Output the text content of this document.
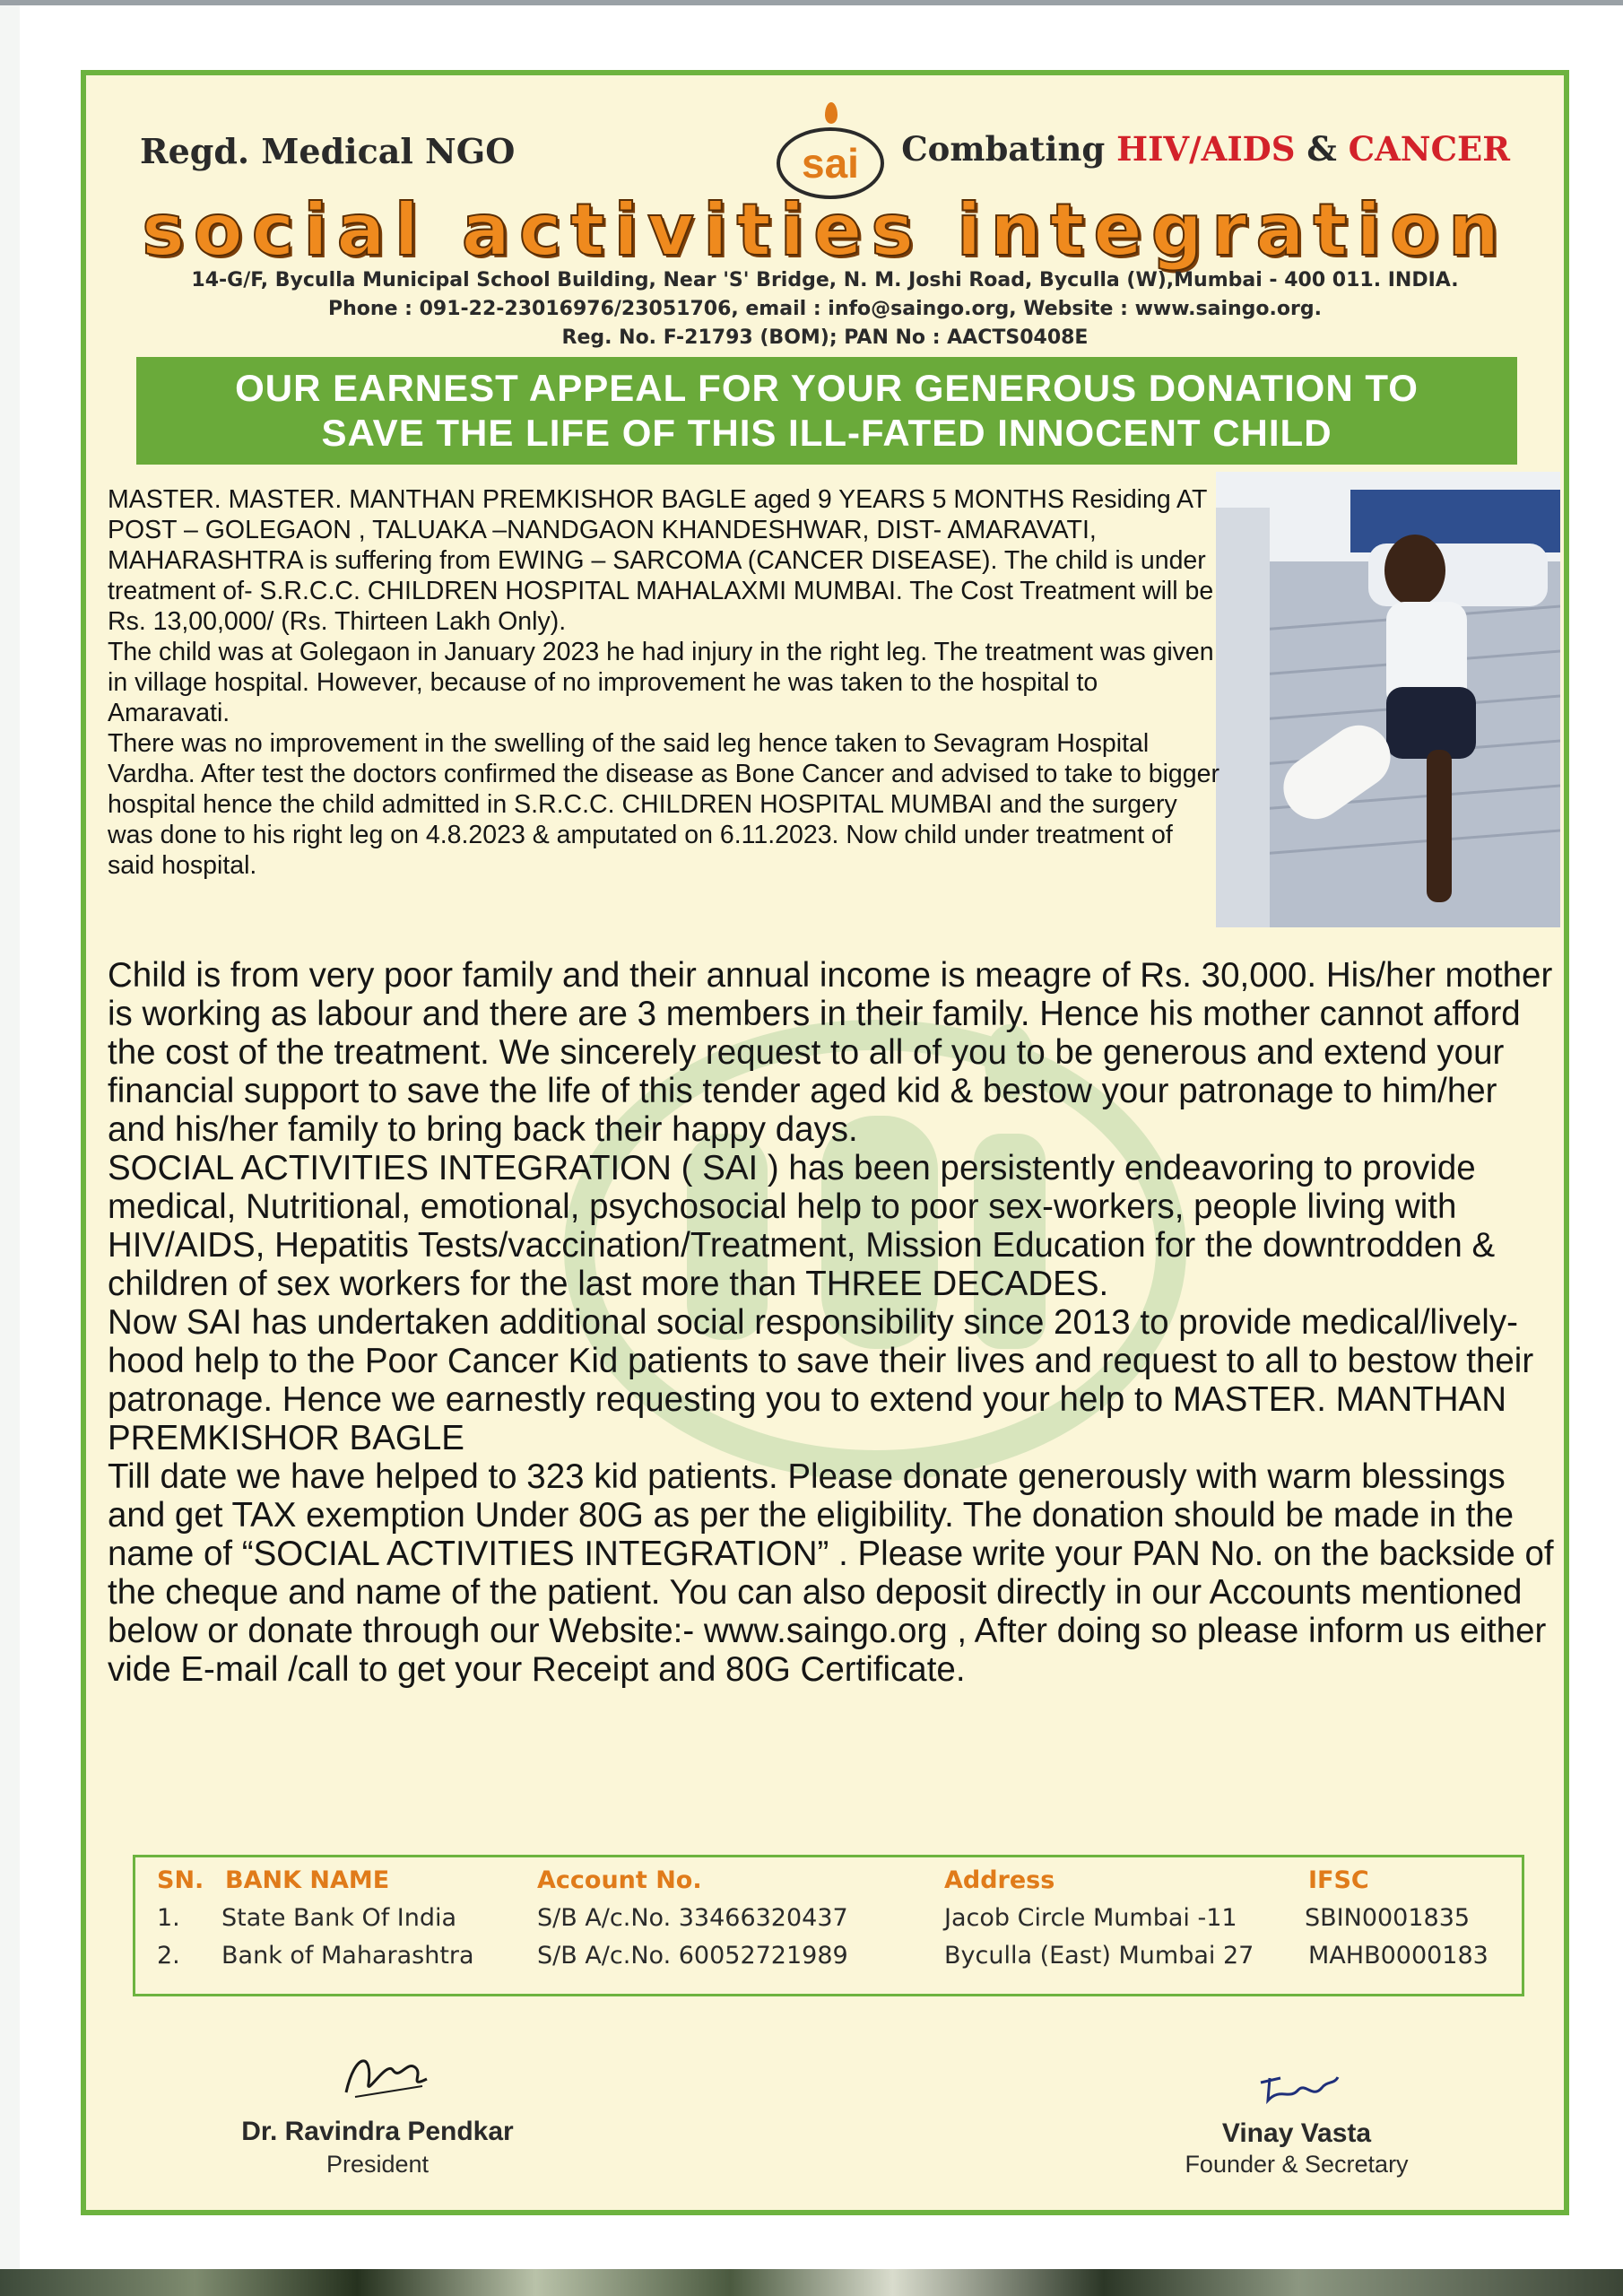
Regd. Medical NGO	sai Combating HIV/AIDS & CANCER
social activities integration
14-G/F, Byculla Municipal School Building, Near 'S' Bridge, N. M. Joshi Road, Byculla (W),Mumbai - 400 011. INDIA.
Phone : 091-22-23016976/23051706, email : info@saingo.org, Website : www.saingo.org.
Reg. No. F-21793 (BOM); PAN No : AACTS0408E
OUR EARNEST APPEAL FOR YOUR GENEROUS DONATION TO
SAVE THE LIFE OF THIS ILL-FATED INNOCENT CHILD

MASTER. MASTER. MANTHAN PREMKISHOR BAGLE aged 9 YEARS 5 MONTHS Residing AT POST – GOLEGAON , TALUAKA –NANDGAON KHANDESHWAR, DIST- AMARAVATI, MAHARASHTRA is suffering from EWING – SARCOMA (CANCER DISEASE). The child is under treatment of- S.R.C.C. CHILDREN HOSPITAL MAHALAXMI MUMBAI. The Cost Treatment will be Rs. 13,00,000/ (Rs. Thirteen Lakh Only).

The child was at Golegaon in January 2023 he had injury in the right leg. The treatment was given in village hospital. However, because of no improvement he was taken to the hospital to Amaravati.

There was no improvement in the swelling of the said leg hence taken to Sevagram Hospital Vardha. After test the doctors confirmed the disease as Bone Cancer and advised to take to bigger hospital hence the child admitted in S.R.C.C. CHILDREN HOSPITAL MUMBAI and the surgery was done to his right leg on 4.8.2023 & amputated on 6.11.2023. Now child under treatment of said hospital.

Child is from very poor family and their annual income is meagre of Rs. 30,000. His/her mother is working as labour and there are 3 members in their family. Hence his mother cannot afford the cost of the treatment. We sincerely request to all of you to be generous and extend your financial support to save the life of this tender aged kid & bestow your patronage to him/her and his/her family to bring back their happy days.

SOCIAL ACTIVITIES INTEGRATION ( SAI ) has been persistently endeavoring to provide medical, Nutritional, emotional, psychosocial help to poor sex-workers, people living with HIV/AIDS, Hepatitis Tests/vaccination/Treatment, Mission Education for the downtrodden & children of sex workers for the last more than THREE DECADES.

Now SAI has undertaken additional social responsibility since 2013 to provide medical/lively- hood help to the Poor Cancer Kid patients to save their lives and request to all to bestow their patronage. Hence we earnestly requesting you to extend your help to MASTER. MANTHAN PREMKISHOR BAGLE

Till date we have helped to 323 kid patients. Please donate generously with warm blessings and get TAX exemption Under 80G as per the eligibility. The donation should be made in the name of “SOCIAL ACTIVITIES INTEGRATION” . Please write your PAN No. on the backside of the cheque and name of the patient. You can also deposit directly in our Accounts mentioned below or donate through our Website:- www.saingo.org , After doing so please inform us either vide E-mail /call to get your Receipt and 80G Certificate.

SN. BANK NAME	Account No.	Address	IFSC
1. State Bank Of India	S/B A/c.No. 33466320437	Jacob Circle Mumbai -11	SBIN0001835
2. Bank of Maharashtra	S/B A/c.No. 60052721989	Byculla (East) Mumbai 27 MAHB0000183
Dr. Ravindra Pendkar
President
Vinay Vasta
Founder & Secretary
